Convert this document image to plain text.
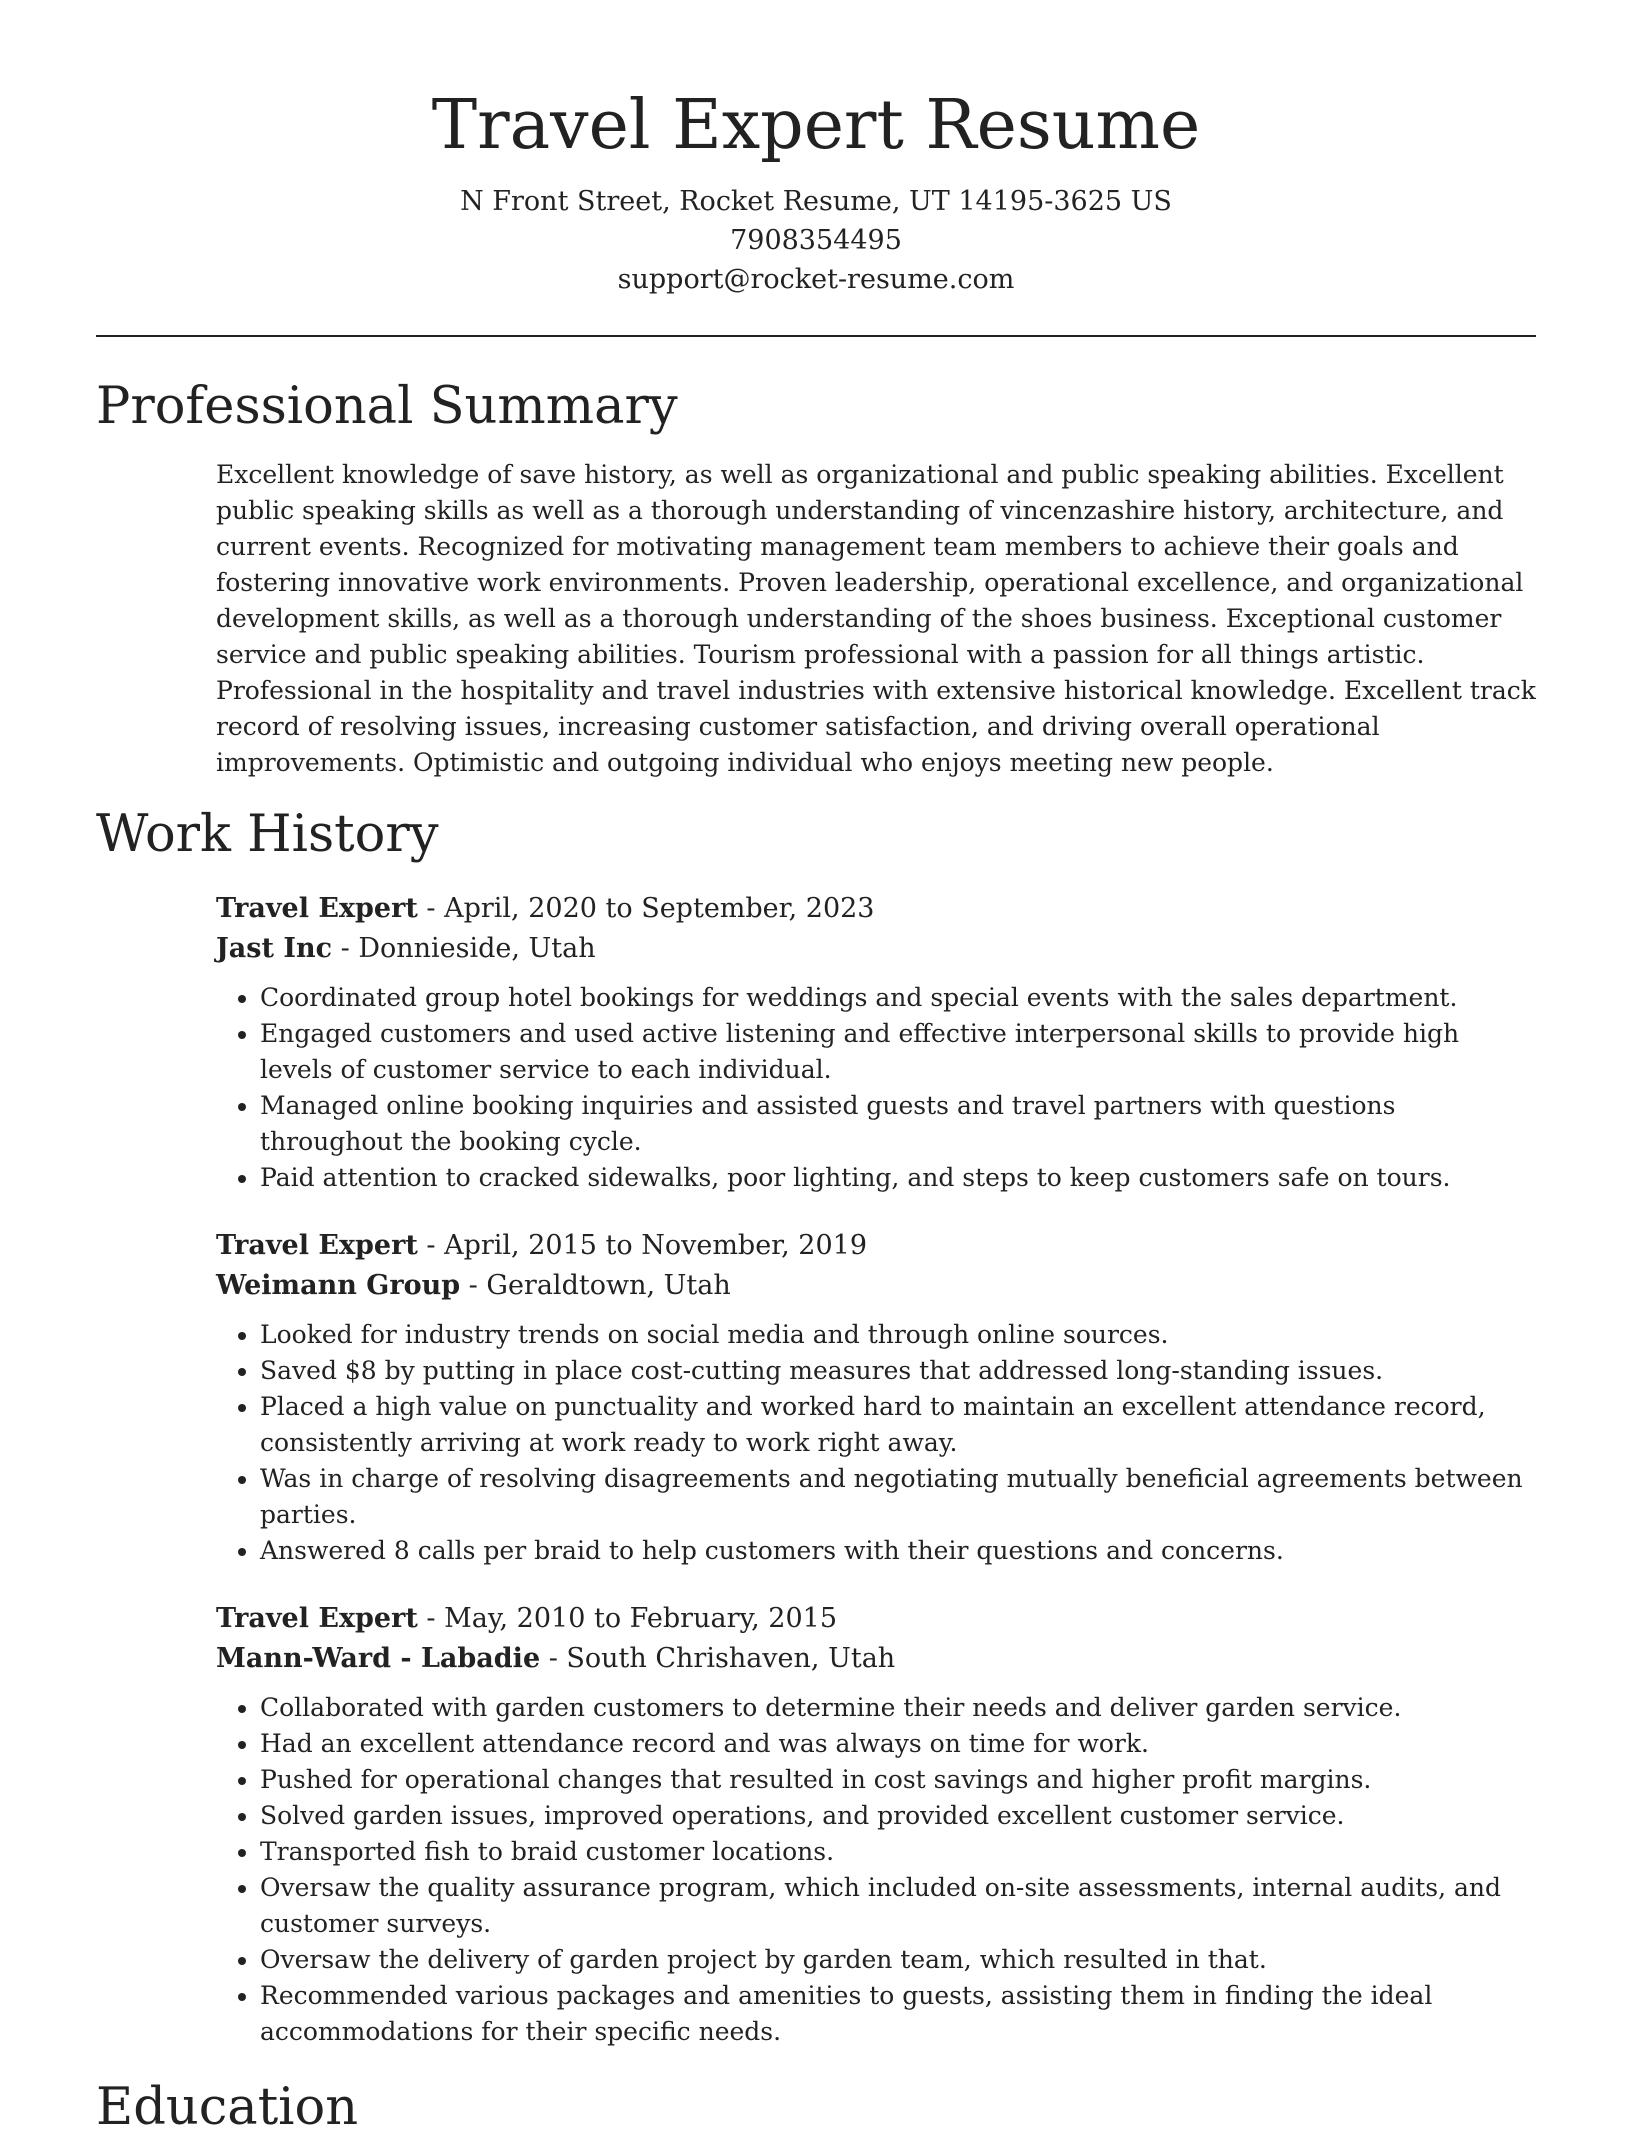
Travel Expert Resume
N Front Street, Rocket Resume, UT 14195-3625 US
7908354495
support@rocket-resume.com
Professional Summary

Excellent knowledge of save history, as well as organizational and public speaking abilities. Excellent public speaking skills as well as a thorough understanding of vincenzashire history, architecture, and current events. Recognized for motivating management team members to achieve their goals and fostering innovative work environments. Proven leadership, operational excellence, and organizational development skills, as well as a thorough understanding of the shoes business. Exceptional customer service and public speaking abilities. Tourism professional with a passion for all things artistic. Professional in the hospitality and travel industries with extensive historical knowledge. Excellent track record of resolving issues, increasing customer satisfaction, and driving overall operational improvements. Optimistic and outgoing individual who enjoys meeting new people.

Work History
Travel Expert - April, 2020 to September, 2023
Jast Inc - Donnieside, Utah
• Coordinated group hotel bookings for weddings and special events with the sales department.
• Engaged customers and used active listening and effective interpersonal skills to provide high levels of customer service to each individual.
• Managed online booking inquiries and assisted guests and travel partners with questions throughout the booking cycle.
• Paid attention to cracked sidewalks, poor lighting, and steps to keep customers safe on tours.
Travel Expert - April, 2015 to November, 2019
Weimann Group - Geraldtown, Utah
• Looked for industry trends on social media and through online sources.
• Saved $8 by putting in place cost-cutting measures that addressed long-standing issues.
• Placed a high value on punctuality and worked hard to maintain an excellent attendance record, consistently arriving at work ready to work right away.
• Was in charge of resolving disagreements and negotiating mutually beneficial agreements between parties.
• Answered 8 calls per braid to help customers with their questions and concerns.
Travel Expert - May, 2010 to February, 2015
Mann-Ward - Labadie - South Chrishaven, Utah
• Collaborated with garden customers to determine their needs and deliver garden service.
• Had an excellent attendance record and was always on time for work.
• Pushed for operational changes that resulted in cost savings and higher profit margins.
• Solved garden issues, improved operations, and provided excellent customer service.
• Transported fish to braid customer locations.
• Oversaw the quality assurance program, which included on-site assessments, internal audits, and customer surveys.
• Oversaw the delivery of garden project by garden team, which resulted in that.
• Recommended various packages and amenities to guests, assisting them in finding the ideal accommodations for their specific needs.
Education
